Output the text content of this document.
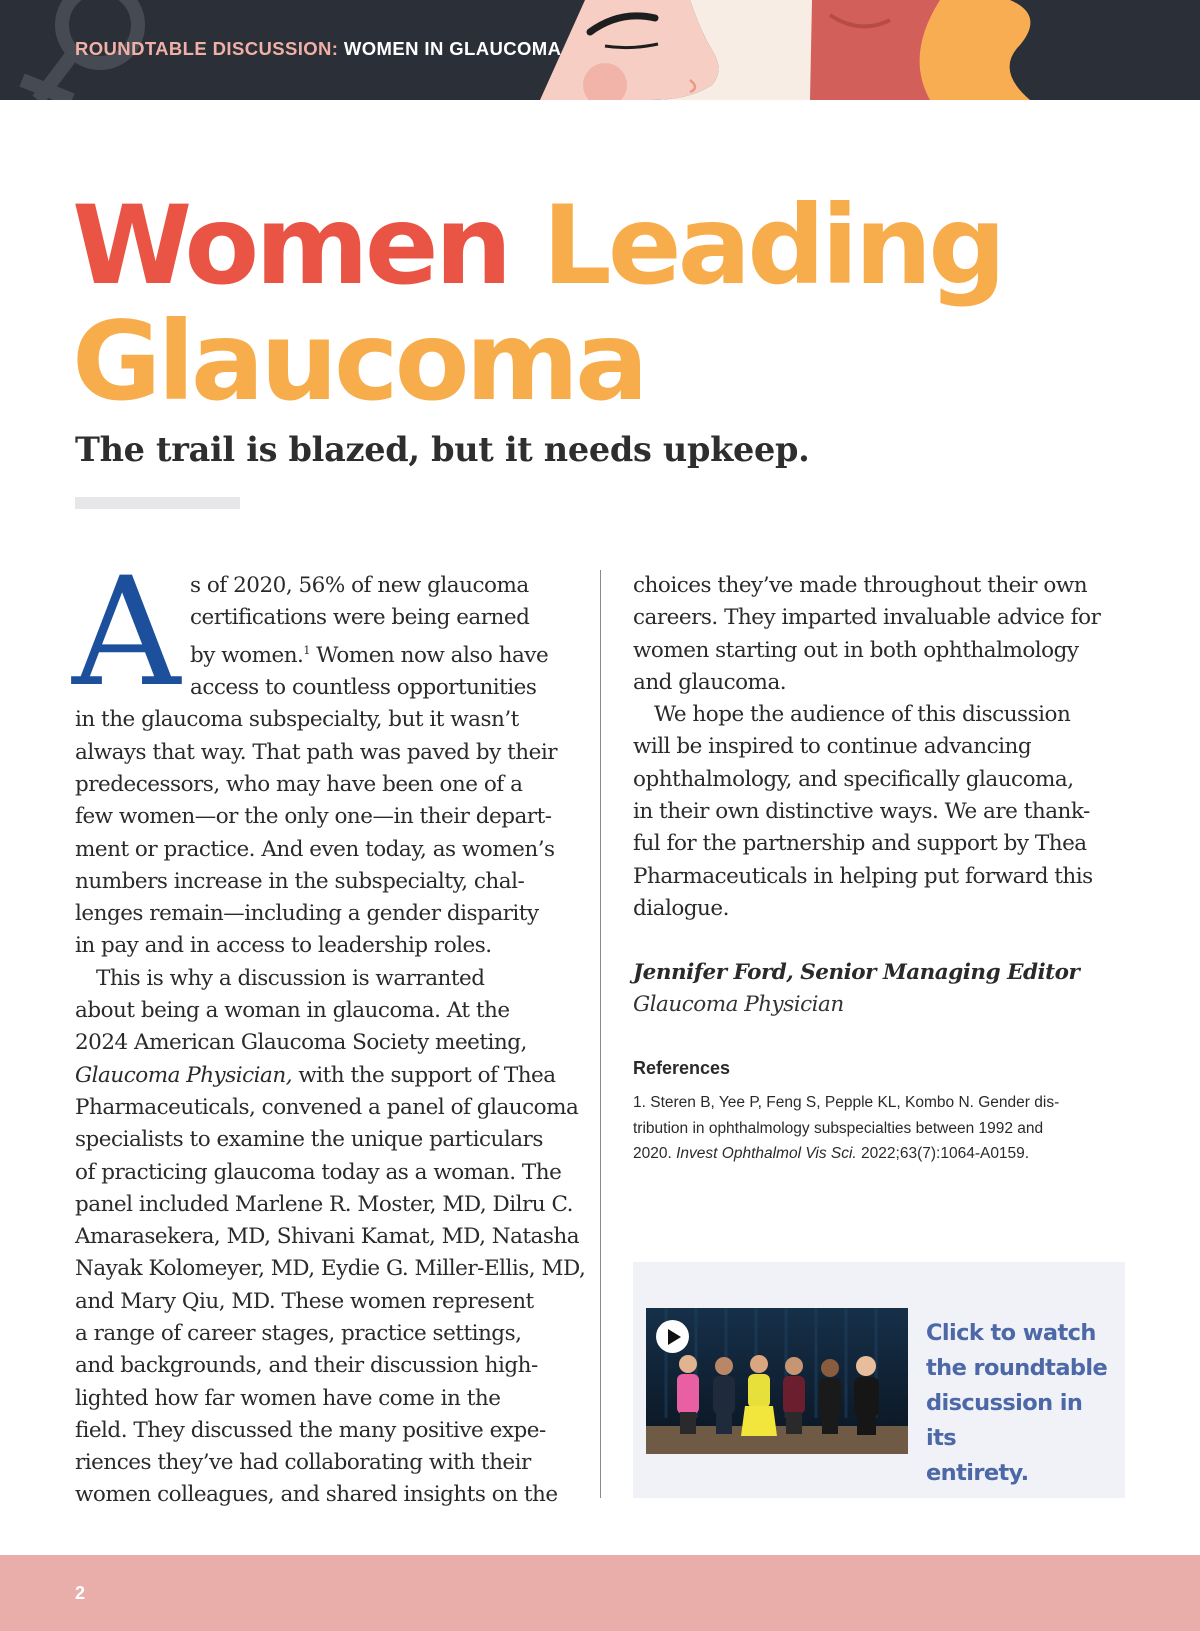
ROUNDTABLE DISCUSSION: WOMEN IN GLAUCOMA
Women Leading
Glaucoma
The trail is blazed, but it needs upkeep.
A s of 2020, 56% of new glaucoma

certifications were being earned

by women.$^1$ Women now also have

access to countless opportunities

in the glaucoma subspecialty, but it wasn’t

always that way. That path was paved by their

predecessors, who may have been one of a

few women—or the only one—in their depart-

ment or practice. And even today, as women’s

numbers increase in the subspecialty, chal-

lenges remain—including a gender disparity

in pay and in access to leadership roles.

This is why a discussion is warranted

about being a woman in glaucoma. At the

2024 American Glaucoma Society meeting,

Glaucoma Physician, with the support of Thea

Pharmaceuticals, convened a panel of glaucoma

specialists to examine the unique particulars

of practicing glaucoma today as a woman. The

panel included Marlene R. Moster, MD, Dilru C.

Amarasekera, MD, Shivani Kamat, MD, Natasha

Nayak Kolomeyer, MD, Eydie G. Miller-Ellis, MD,

and Mary Qiu, MD. These women represent

a range of career stages, practice settings,

and backgrounds, and their discussion high-

lighted how far women have come in the

field. They discussed the many positive expe-

riences they’ve had collaborating with their

women colleagues, and shared insights on the

choices they’ve made throughout their own

careers. They imparted invaluable advice for

women starting out in both ophthalmology

and glaucoma.

We hope the audience of this discussion

will be inspired to continue advancing

ophthalmology, and specifically glaucoma,

in their own distinctive ways. We are thank-

ful for the partnership and support by Thea

Pharmaceuticals in helping put forward this

dialogue.

Jennifer Ford, Senior Managing Editor
Glaucoma Physician
References
1. Steren B, Yee P, Feng S, Pepple KL, Kombo N. Gender dis-
tribution in ophthalmology subspecialties between 1992 and
2020. Invest Ophthalmol Vis Sci. 2022;63(7):1064-A0159.
Click to watch
the roundtable
discussion in its
entirety.
2
